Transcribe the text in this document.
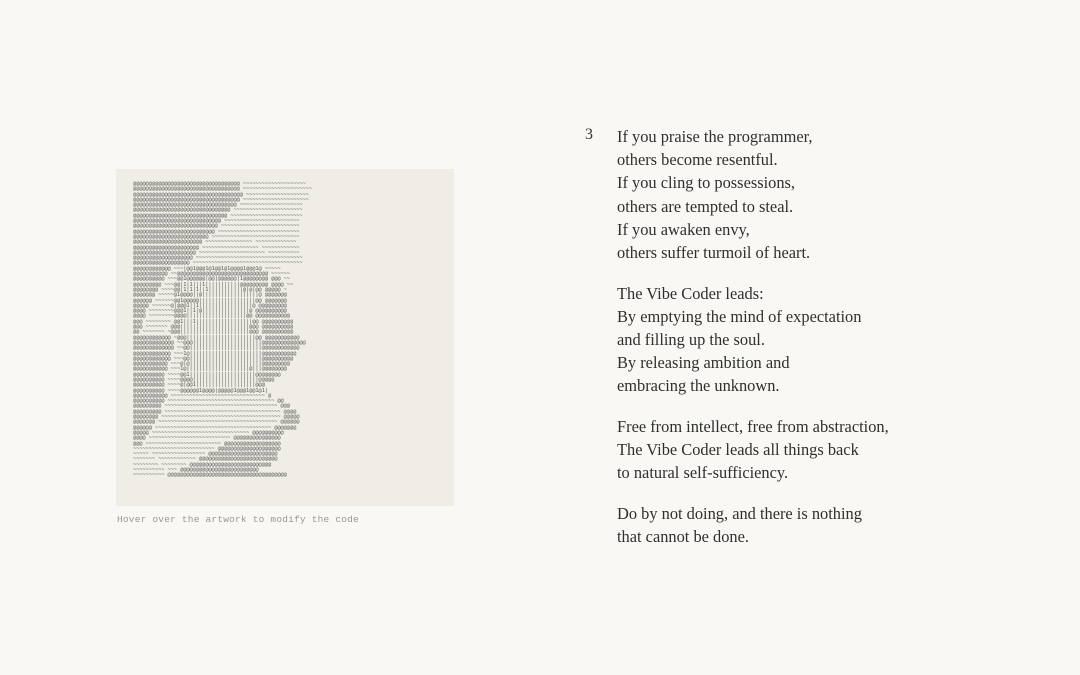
@@@@@@@@@@@@@@@@@@@@@@@@@@@@@@@@@@ ~~~~~~~~~~~~~~~~~~~~
@@@@@@@@@@@@@@@@@@@@@@@@@@@@@@@@@@ ~~~~~~~~~~~~~~~~~~~~~~
@@@@@@@@@@@@@@@@@@@@@@@@@@@@@@@@@@@ ~~~~~~~~~~~~~~~~~~~~
@@@@@@@@@@@@@@@@@@@@@@@@@@@@@@@@@@ ~~~~~~~~~~~~~~~~~~~~~
@@@@@@@@@@@@@@@@@@@@@@@@@@@@@@@@@ ~~~~~~~~~~~~~~~~~~~~
@@@@@@@@@@@@@@@@@@@@@@@@@@@@@@@ ~~~~~~~~~~~~~~~~~~~~~~
@@@@@@@@@@@@@@@@@@@@@@@@@@@@@@ ~~~~~~~~~~~~~~~~~~~~~~~
@@@@@@@@@@@@@@@@@@@@@@@@@@@@ ~~~~~~~~~~~~~~~~~~~~~~~~
@@@@@@@@@@@@@@@@@@@@@@@@@@@ ~~~~~~~~~~~~~~~~~~~~~~~~~
@@@@@@@@@@@@@@@@@@@@@@@@@@ ~~~~~~~~~~~~~~~~~~~~~~~~~~
@@@@@@@@@@@@@@@@@@@@@@@@ ~~~~~~~~~~~~~~~~~~~~~~~~~~~~
@@@@@@@@@@@@@@@@@@@@@@ ~~~~~~~~~~~~~~~ ~~~~~~~~~~~~~
@@@@@@@@@@@@@@@@@@@@@ ~~~~~~~~~~~~~~~~~~ ~~~~~~~~~~~~
@@@@@@@@@@@@@@@@@@@@ ~~~~~~~~~~~~~~~~~~~~~ ~~~~~~~~~~
@@@@@@@@@@@@@@@@@@@ ~~~~~~~~~~~~~~~~~~~~~~~~~~~~~~~~~~
@@@@@@@@@@@@@@@@@@ ~~~~~~~~~~~~~~~~~~~~~~~~~~~~~~~~~~~
@@@@@@@@@@@@ ~~~|@@1@@@1@1@@1@1@@@@1@@@1@ ~~~~~
@@@@@@@@@@@ ~~@@@@@@@@@@@@@@@@@@@@@@@@@@@@@ ~~~~~~
@@@@@@@@@@ ~~~@@1@@@@@@|@@|@@@@@@|1@@@@@@@@ @@@ ~~
@@@@@@@@@ ~~~@@|1|1|||1|||||||||||@@@@@@@@@ @@@@ ~~
@@@@@@@@ ~~~~@@|1|1|1||1|||||||||||@|@|@@ @@@@@ ~
@@@@@@@ ~~~~~@1@@@@||@||||||||||||||||||@ @@@@@@@
@@@@@@ ~~~~~~@@1@@@@@||||||||||||||||||@@ @@@@@@@
@@@@@ ~~~~~~@|@@@1||1|||||||||||||||||@ @@@@@@@@@
@@@@ ~~~~~~~~@@@1||1|@|||||||||||||||@ @@@@@@@@@@
@@@@ ~~~~~~~~@@@@|||||||||||||||||||@@ @@@@@@@@@@@
@@@ ~~~~~~~~ @@1|||1||||||||||||||||||@@ @@@@@@@@@@
@@@ ~~~~~~~ @@@||||||||||||||||||||||@@@ @@@@@@@@@@
@@ ~~~~~~~ ~@@@||||||||||||||||||||||@@@ @@@@@@@@@@
@@@@@@@@@@@@ ~@@@||||||||||||||||||||||@@ @@@@@@@@@@@
@@@@@@@@@@@@@ ~~@@@||||||||||||||||||||||@@@@@@@@@@@@@@
@@@@@@@@@@@@@ ~~@@|||||||||||||||||||||||@@@@@@@@@@@@
@@@@@@@@@@@@ ~~~1@|||||||||||||||||||||||@@@@@@@@@@@
@@@@@@@@@@@@ ~~~@@|||||||||||||||||||||||@@@@@@@@@@
@@@@@@@@@@@ ~~~@|@|||||||||||||||||||||||@@@@@@@@@
@@@@@@@@@@@ ~~~1@||||||||||||||||||||@|||@@@@@@@@
@@@@@@@@@@ ~~~~@@1|||||||||||||||||||||@@@@@@@@
@@@@@@@@@@ ~~~~@@@@|||||||||||||||||||||@@@@@
@@@@@@@@@@ ~~~~@|@@1|||||||||||||||||||@@@
@@@@@@@@@@ ~~~~@@@@@@1@@@@|@@@@@1@@@1@@1@1|
@@@@@@@@@@@ ~~~~~~~~~~~~~~~~~~~~~~~~~~~~~~ @
@@@@@@@@@@ ~~~~~~~~~~~~~~~~~~~~~~~~~~~~~~~~~~ @@
@@@@@@@@@ ~~~~~~~~~~~~~~~~~~~~~~~~~~~~~~~~~~~~ @@@
@@@@@@@@@ ~~~~~~~~~~~~~~~~~~~~~~~~~~~~~~~~~~~~~ @@@@
@@@@@@@@ ~~~~~~~~~~~~~~~~~~~~~~~~~~~~~~~~~~~~~~ @@@@@
@@@@@@@ ~~~~~~~~~~~~~~~~~~~~~~~~~~~~~~~~~~~~~~ @@@@@@
@@@@@@ ~~~~~~~~~~~~~~~~~~~~~~~~~~~~~~~~~~~~~ @@@@@@@
@@@@@ ~~~~~~~~~~~~~~~~~~~~~~~~~~~~~~~ @@@@@@@@@@
@@@@ ~~~~~~~~~~~~~~~~~~~~~~~~~~ @@@@@@@@@@@@@@@
@@@ ~~~~~~~~~~~~~~~~~~~~~~~~ @@@@@@@@@@@@@@@@@@
~~~~~~~~~~~~~~~~~~~~~~~~~~ @@@@@@@@@@@@@@@@@@@@
~~~~~ ~~~~~~~~~~~~~~~~~ @@@@@@@@@@@@@@@@@@@@@@
~~~~~~~ ~~~~~~~~~~~~ @@@@@@@@@@@@@@@@@@@@@@@@@
~~~~~~~~ ~~~~~~~~ @@@@@@@@@@@@@@@@@@@@@@@@@@
~~~~~~~~~~ ~~~ @@@@@@@@@@@@@@@@@@@@@@@@@
~~~~~~~~~~ @@@@@@@@@@@@@@@@@@@@@@@@@@@@@@@@@@@@@@
Hover over the artwork to modify the code
3 If you praise the programmer,
others become resentful.
If you cling to possessions,
others are tempted to steal.
If you awaken envy,
others suffer turmoil of heart.

The Vibe Coder leads:
By emptying the mind of expectation
and filling up the soul.
By releasing ambition and
embracing the unknown.

Free from intellect, free from abstraction,
The Vibe Coder leads all things back
to natural self-sufficiency.

Do by not doing, and there is nothing
that cannot be done.
